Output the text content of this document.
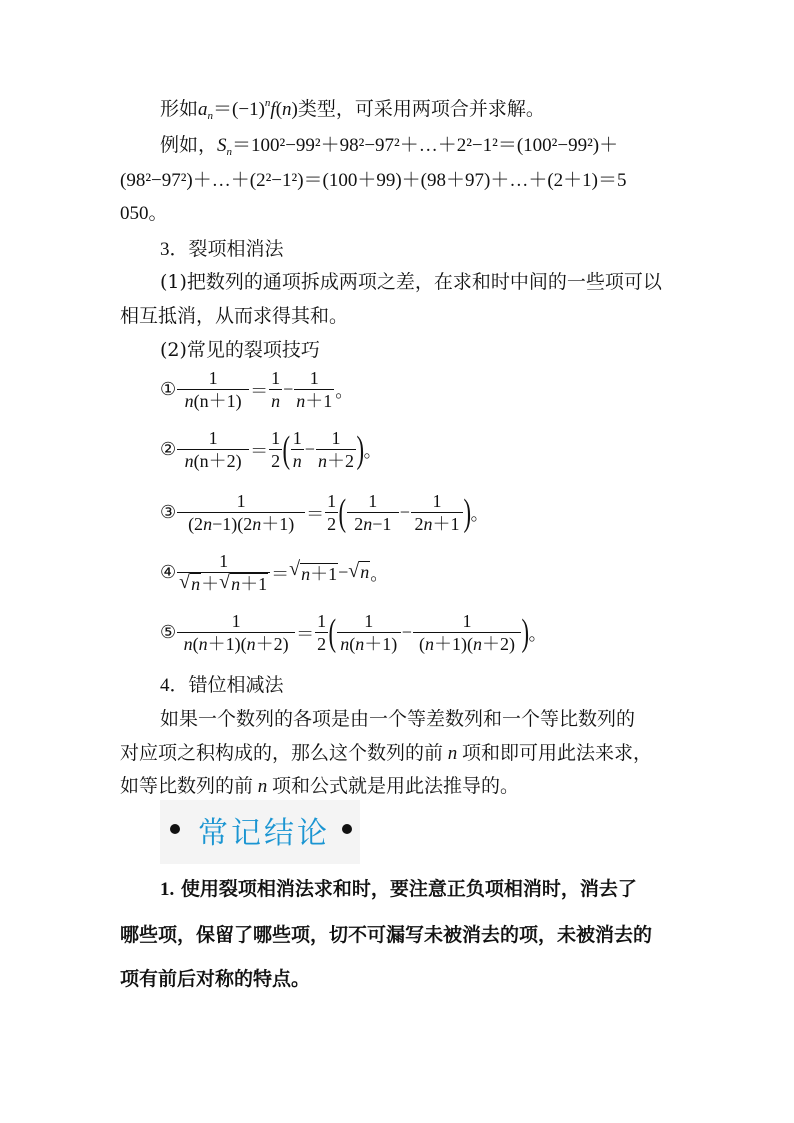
形如$a_n=(-1)^nf(n)$类型，可采用两项合并求解。
例如，$S_n=100^2-99^2+98^2-97^2+\dots+2^2-1^2=(100^2-99^2)+$
(98²−97²)＋…＋(2²−1²)＝(100＋99)＋(98＋97)＋…＋(2＋1)＝5
050。
3．裂项相消法
(1)把数列的通项拆成两项之差，在求和时中间的一些项可以
相互抵消，从而求得其和。
(2)常见的裂项技巧
① $\frac{1}{n(n+1)} = \frac{1}{n} - \frac{1}{n+1}$ 。
② $\frac{1}{n(n+2)} = \frac{1}{2}$ ( $\frac{1}{n} - \frac{1}{n+2}$ ) 。
③ $\frac{1}{(2n-1)(2n+1)} = \frac{1}{2}$ ( $\frac{1}{2n-1} - \frac{1}{2n+1}$ ) 。
④ $\frac{1}{√ n+ √ n+1}$ ＝ √ n＋1 − √ n 。
⑤ $\frac{1}{n(n+1)(n+2)} = \frac{1}{2}$ ( $\frac{1}{n(n+1)} - \frac{1}{(n+1)(n+2)}$ ) 。
4．错位相减法
如果一个数列的各项是由一个等差数列和一个等比数列的
对应项之积构成的，那么这个数列的前 n 项和即可用此法来求，
如等比数列的前 n 项和公式就是用此法推导的。
常记结论
1. 使用裂项相消法求和时，要注意正负项相消时，消去了
哪些项，保留了哪些项，切不可漏写未被消去的项，未被消去的
项有前后对称的特点。
